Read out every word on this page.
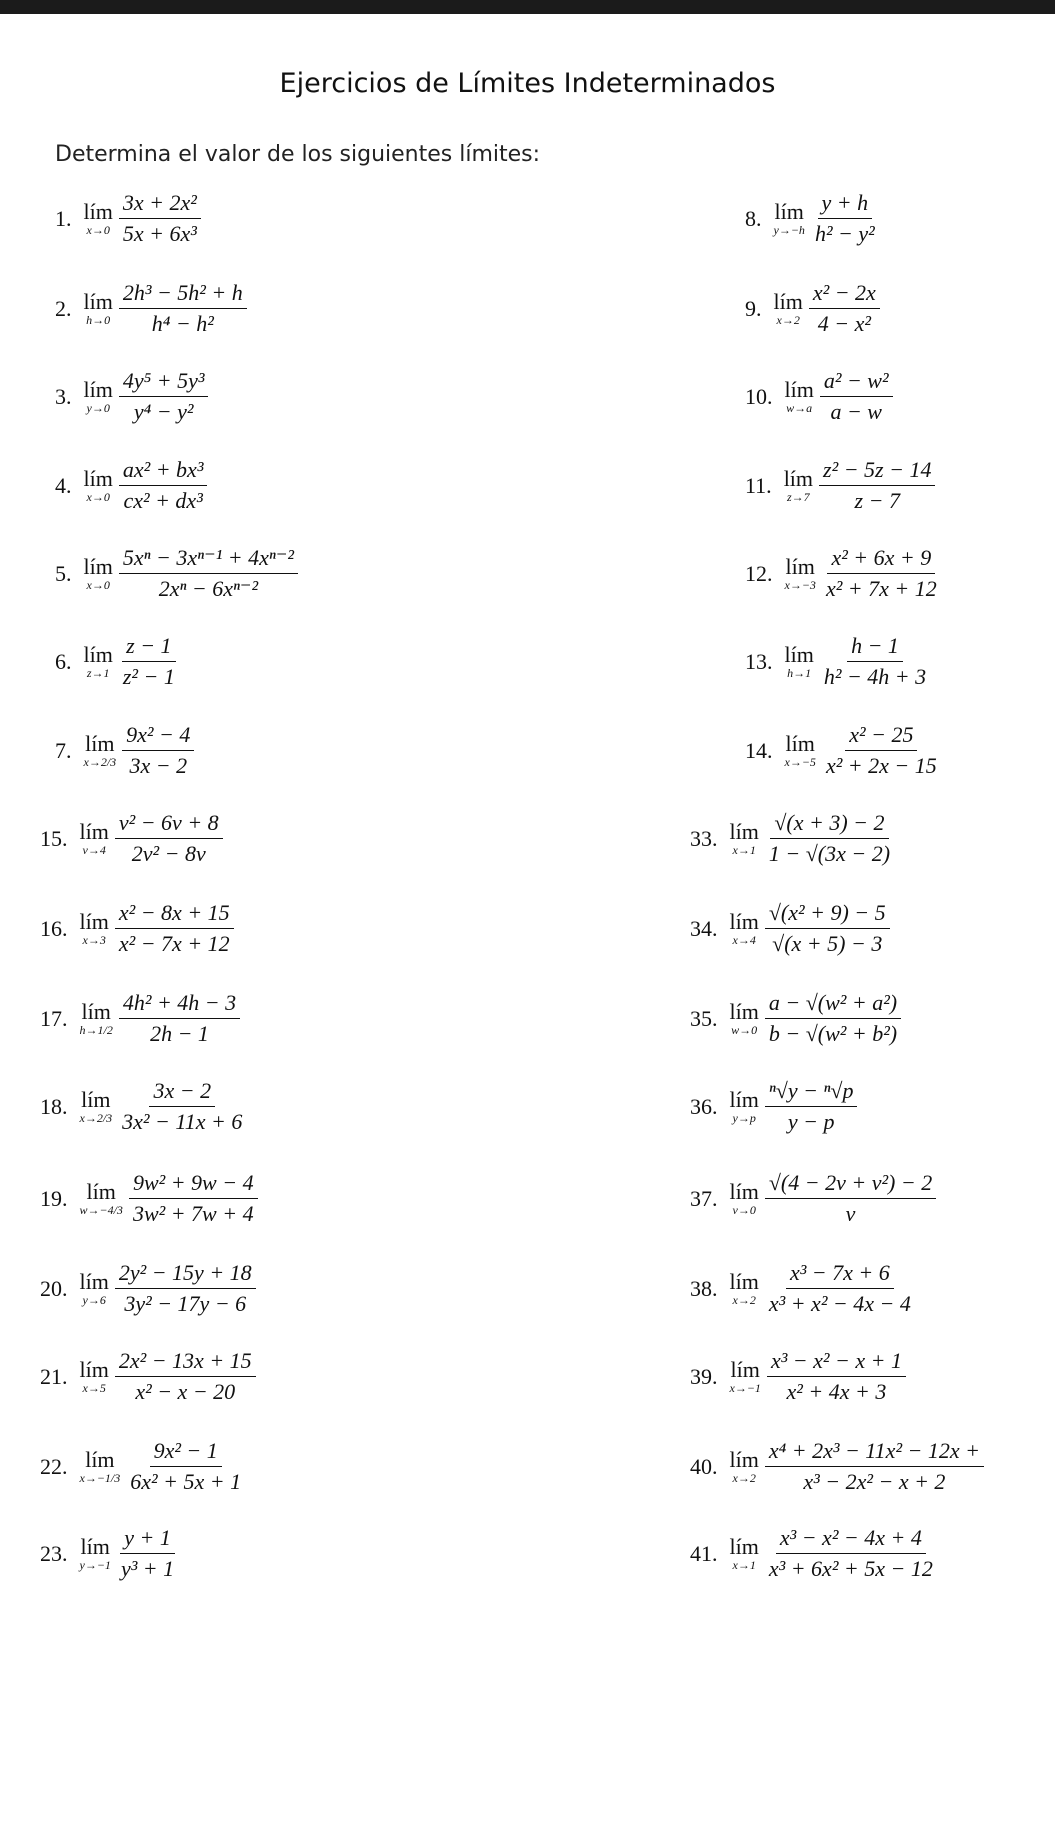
Ejercicios de Límites Indeterminados
Determina el valor de los siguientes límites:
1. lím
$x\to 0 \frac{\text{3x + 2x²}}{\text{5x + 6x³}}$
2. lím
$h\to 0 \frac{\text{2h³ − 5h² + h}}{\text{h⁴ − h²}}$
3. lím
$y\to 0 \frac{\text{4y⁵ + 5y³}}{\text{y⁴ − y²}}$
4. lím
$x\to 0 \frac{\text{ax² + bx³}}{\text{cx² + dx³}}$
5. lím
$x\to 0 \frac{\text{5xⁿ − 3xⁿ⁻¹ + 4xⁿ⁻²}}{\text{2xⁿ − 6xⁿ⁻²}}$
6. lím
$z\to 1 \frac{z - 1}{\text{z² − 1}}$
7. lím
$x\to 2/3 \frac{\text{9x² − 4}}{3x - 2}$
8. lím
$y\to-h \frac{y + h}{\text{h² − y²}}$
9. lím
$x\to 2 \frac{\text{x² − 2x}}{\text{4 − x²}}$
10. lím
$w\to a \frac{\text{a² − w²}}{a - w}$
11. lím
$z\to 7 \frac{\text{z² − 5z − 14}}{z - 7}$
12. lím
$x\to-3 \frac{\text{x² + 6x + 9}}{\text{x² + 7x + 12}}$
13. lím
$h\to 1 \frac{h - 1}{\text{h² − 4h + 3}}$
14. lím
$x\to-5 \frac{\text{x² − 25}}{\text{x² + 2x − 15}}$
15. lím
$v\to 4 \frac{\text{v² − 6v + 8}}{\text{2v² − 8v}}$
16. lím
$x\to 3 \frac{\text{x² − 8x + 15}}{\text{x² − 7x + 12}}$
17. lím
$h\to 1/2 \frac{\text{4h² + 4h − 3}}{2h - 1}$
18. lím
$x\to 2/3 \frac{3x - 2}{\text{3x² − 11x + 6}}$
19. lím
$w\to-4/3 \frac{\text{9w² + 9w − 4}}{\text{3w² + 7w + 4}}$
20. lím
$y\to 6 \frac{\text{2y² − 15y + 18}}{\text{3y² − 17y − 6}}$
21. lím
$x\to 5 \frac{\text{2x² − 13x + 15}}{\text{x² − x − 20}}$
22. lím
$x\to-1/3 \frac{\text{9x² − 1}}{\text{6x² + 5x + 1}}$
23. lím
$y\to-1 \frac{y + 1}{\text{y³ + 1}}$
33. lím
$x\to 1 \frac{√(x + 3) - 2}{1 - √(3x - 2)}$
34. lím
$x\to 4 \frac{\text{√(x² + 9) − 5}}{√(x + 5) - 3}$
35. lím
$w\to 0 \frac{\text{a − √(w² + a²)}}{\text{b − √(w² + b²)}}$
36. lím
$y\to p \frac{\text{ⁿ√y − ⁿ√p}}{y - p}$
37. lím
$v\to 0 \frac{\text{√(4 − 2v + v²) − 2}}{v}$
38. lím
$x\to 2 \frac{\text{x³ − 7x + 6}}{\text{x³ + x² − 4x − 4}}$
39. lím
$x\to-1 \frac{\text{x³ − x² − x + 1}}{\text{x² + 4x + 3}}$
40. lím
$x\to 2 \frac{\text{x⁴ + 2x³ − 11x² − 12x +}}{\text{x³ − 2x² − x + 2}}$
41. lím
$x\to 1 \frac{\text{x³ − x² − 4x + 4}}{\text{x³ + 6x² + 5x − 12}}$
